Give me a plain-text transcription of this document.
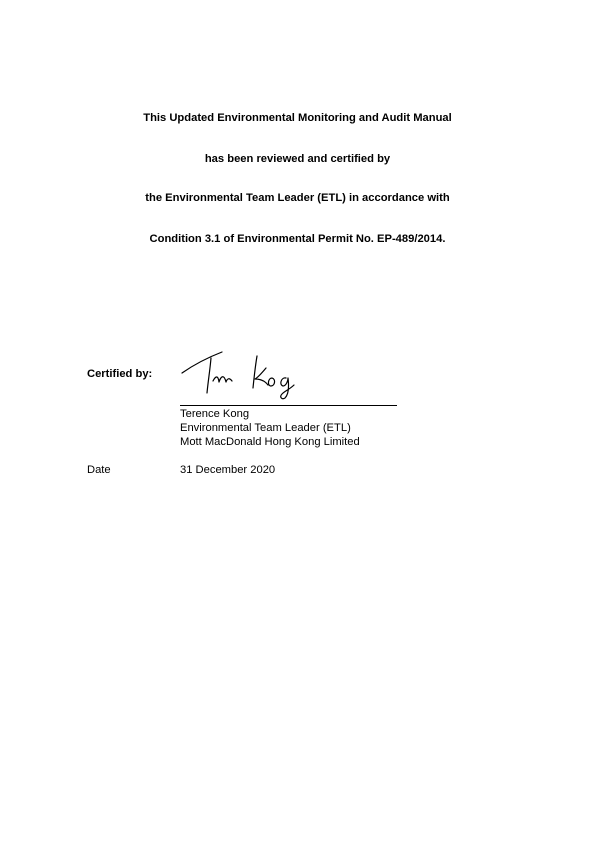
This Updated Environmental Monitoring and Audit Manual
has been reviewed and certified by
the Environmental Team Leader (ETL) in accordance with
Condition 3.1 of Environmental Permit No. EP-489/2014.
Certified by:
Terence Kong
Environmental Team Leader (ETL)
Mott MacDonald Hong Kong Limited
Date	31 December 2020
